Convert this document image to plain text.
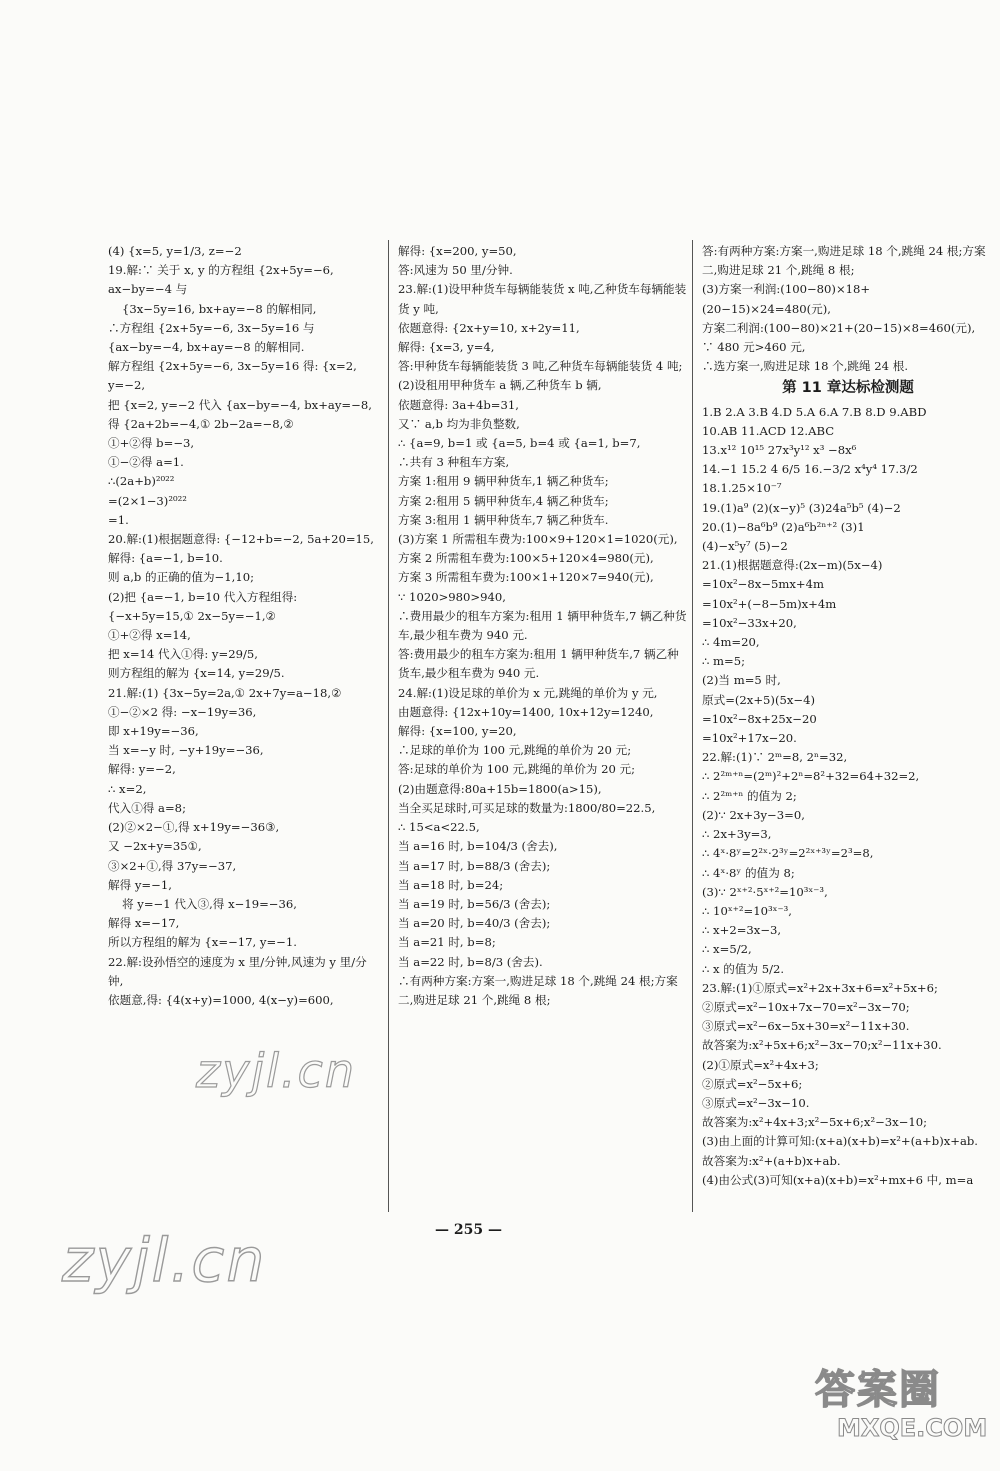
(4) {x=5, y=1/3, z=−2
19.解:∵ 关于 x, y 的方程组 {2x+5y=−6, ax−by=−4 与
{3x−5y=16, bx+ay=−8 的解相同,
∴方程组 {2x+5y=−6, 3x−5y=16 与 {ax−by=−4, bx+ay=−8 的解相同.
解方程组 {2x+5y=−6, 3x−5y=16 得: {x=2, y=−2,
把 {x=2, y=−2 代入 {ax−by=−4, bx+ay=−8,
得 {2a+2b=−4,① 2b−2a=−8,②
①+②得 b=−3,
①−②得 a=1.
∴(2a+b)²⁰²²
=(2×1−3)²⁰²²
=1.
20.解:(1)根据题意得: {−12+b=−2, 5a+20=15,
解得: {a=−1, b=10.
则 a,b 的正确的值为−1,10;
(2)把 {a=−1, b=10 代入方程组得: {−x+5y=15,① 2x−5y=−1,②
①+②得 x=14,
把 x=14 代入①得: y=29/5,
则方程组的解为 {x=14, y=29/5.
21.解:(1) {3x−5y=2a,① 2x+7y=a−18,②
①−②×2 得: −x−19y=36,
即 x+19y=−36,
当 x=−y 时, −y+19y=−36,
解得: y=−2,
∴ x=2,
代入①得 a=8;
(2)②×2−①,得 x+19y=−36③,
又 −2x+y=35①,
③×2+①,得 37y=−37,
解得 y=−1,
将 y=−1 代入③,得 x−19=−36,
解得 x=−17,
所以方程组的解为 {x=−17, y=−1.
22.解:设孙悟空的速度为 x 里/分钟,风速为 y 里/分钟,
依题意,得: {4(x+y)=1000, 4(x−y)=600,
解得: {x=200, y=50,
答:风速为 50 里/分钟.
23.解:(1)设甲种货车每辆能装货 x 吨,乙种货车每辆能装货 y 吨,
依题意得: {2x+y=10, x+2y=11,
解得: {x=3, y=4,
答:甲种货车每辆能装货 3 吨,乙种货车每辆能装货 4 吨;
(2)设租用甲种货车 a 辆,乙种货车 b 辆,
依题意得: 3a+4b=31,
又∵ a,b 均为非负整数,
∴ {a=9, b=1 或 {a=5, b=4 或 {a=1, b=7,
∴共有 3 种租车方案,
方案 1:租用 9 辆甲种货车,1 辆乙种货车;
方案 2:租用 5 辆甲种货车,4 辆乙种货车;
方案 3:租用 1 辆甲种货车,7 辆乙种货车.
(3)方案 1 所需租车费为:100×9+120×1=1020(元),
方案 2 所需租车费为:100×5+120×4=980(元),
方案 3 所需租车费为:100×1+120×7=940(元),
∵ 1020>980>940,
∴费用最少的租车方案为:租用 1 辆甲种货车,7 辆乙种货车,最少租车费为 940 元.
答:费用最少的租车方案为:租用 1 辆甲种货车,7 辆乙种货车,最少租车费为 940 元.
24.解:(1)设足球的单价为 x 元,跳绳的单价为 y 元,
由题意得: {12x+10y=1400, 10x+12y=1240,
解得: {x=100, y=20,
∴足球的单价为 100 元,跳绳的单价为 20 元;
答:足球的单价为 100 元,跳绳的单价为 20 元;
(2)由题意得:80a+15b=1800(a>15),
当全买足球时,可买足球的数量为:1800/80=22.5,
∴ 15<a<22.5,
当 a=16 时, b=104/3 (舍去),
当 a=17 时, b=88/3 (舍去);
当 a=18 时, b=24;
当 a=19 时, b=56/3 (舍去);
当 a=20 时, b=40/3 (舍去);
当 a=21 时, b=8;
当 a=22 时, b=8/3 (舍去).
∴有两种方案:方案一,购进足球 18 个,跳绳 24 根;方案二,购进足球 21 个,跳绳 8 根;
答:有两种方案:方案一,购进足球 18 个,跳绳 24 根;方案二,购进足球 21 个,跳绳 8 根;
(3)方案一利润:(100−80)×18+(20−15)×24=480(元),
方案二利润:(100−80)×21+(20−15)×8=460(元),
∵ 480 元>460 元,
∴选方案一,购进足球 18 个,跳绳 24 根.
第 11 章达标检测题
1.B 2.A 3.B 4.D 5.A 6.A 7.B 8.D 9.ABD
10.AB 11.ACD 12.ABC
13.x¹² 10¹⁵ 27x³y¹² x³ −8x⁶
14.−1 15.2 4 6/5 16.−3/2 x⁴y⁴ 17.3/2
18.1.25×10⁻⁷
19.(1)a⁹ (2)(x−y)⁵ (3)24a⁵b⁵ (4)−2
20.(1)−8a⁶b⁹ (2)a⁶b²ⁿ⁺² (3)1
(4)−x⁵y⁷ (5)−2
21.(1)根据题意得:(2x−m)(5x−4)
=10x²−8x−5mx+4m
=10x²+(−8−5m)x+4m
=10x²−33x+20,
∴ 4m=20,
∴ m=5;
(2)当 m=5 时,
原式=(2x+5)(5x−4)
=10x²−8x+25x−20
=10x²+17x−20.
22.解:(1)∵ 2ᵐ=8, 2ⁿ=32,
∴ 2²ᵐ⁺ⁿ=(2ᵐ)²+2ⁿ=8²+32=64+32=2,
∴ 2²ᵐ⁺ⁿ 的值为 2;
(2)∵ 2x+3y−3=0,
∴ 2x+3y=3,
∴ 4ˣ·8ʸ=2²ˣ·2³ʸ=2²ˣ⁺³ʸ=2³=8,
∴ 4ˣ·8ʸ 的值为 8;
(3)∵ 2ˣ⁺²·5ˣ⁺²=10³ˣ⁻³,
∴ 10ˣ⁺²=10³ˣ⁻³,
∴ x+2=3x−3,
∴ x=5/2,
∴ x 的值为 5/2.
23.解:(1)①原式=x²+2x+3x+6=x²+5x+6;
②原式=x²−10x+7x−70=x²−3x−70;
③原式=x²−6x−5x+30=x²−11x+30.
故答案为:x²+5x+6;x²−3x−70;x²−11x+30.
(2)①原式=x²+4x+3;
②原式=x²−5x+6;
③原式=x²−3x−10.
故答案为:x²+4x+3;x²−5x+6;x²−3x−10;
(3)由上面的计算可知:(x+a)(x+b)=x²+(a+b)x+ab.
故答案为:x²+(a+b)x+ab.
(4)由公式(3)可知(x+a)(x+b)=x²+mx+6 中, m=a
— 255 —
zyjl.cn
zyjl.cn
答案圈
MXQE.COM
